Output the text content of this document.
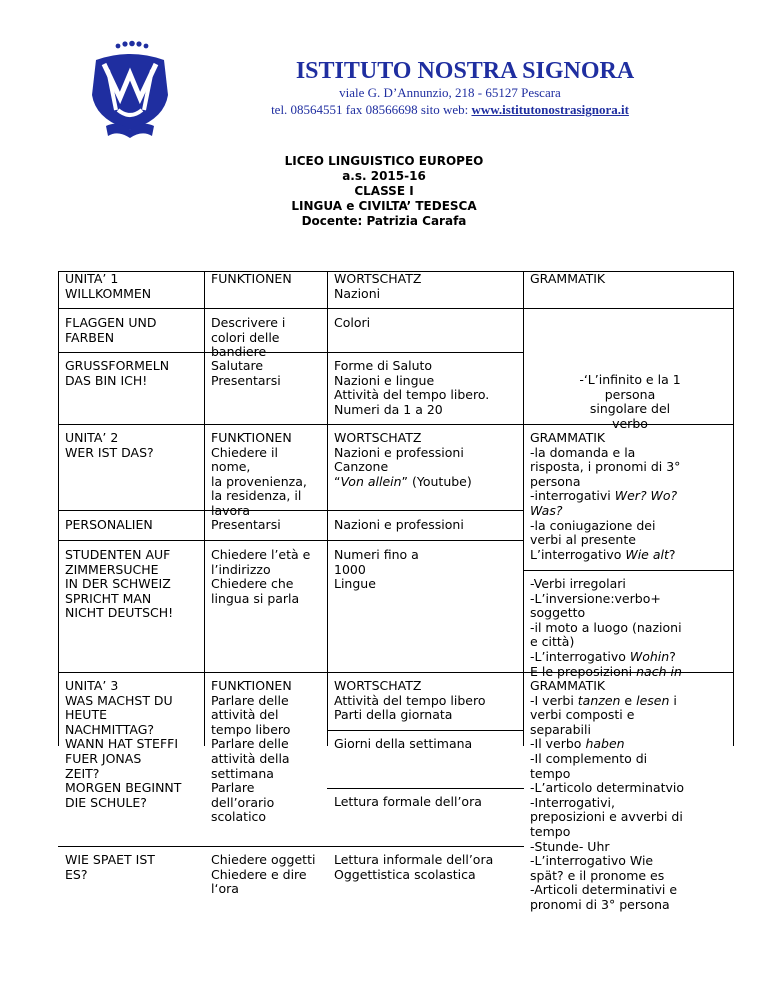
ISTITUTO NOSTRA SIGNORA
viale G. D’Annunzio, 218 - 65127 Pescara
tel. 08564551 fax 08566698 sito web: www.istitutonostrasignora.it
LICEO LINGUISTICO EUROPEO
a.s. 2015-16
CLASSE I
LINGUA e CIVILTA’ TEDESCA
Docente: Patrizia Carafa
UNITA’ 1
WILLKOMMEN
FLAGGEN UND
FARBEN
GRUSSFORMELN
DAS BIN ICH!
UNITA’ 2
WER IST DAS?
PERSONALIEN
STUDENTEN AUF
ZIMMERSUCHE
IN DER SCHWEIZ
SPRICHT MAN
NICHT DEUTSCH!
UNITA’ 3
WAS MACHST DU
HEUTE
NACHMITTAG?
WANN HAT STEFFI
FUER JONAS
ZEIT?
MORGEN BEGINNT
DIE SCHULE?
WIE SPAET IST
ES?
FUNKTIONEN
Descrivere i
colori delle
bandiere
Salutare
Presentarsi
FUNKTIONEN
Chiedere il
nome,
la provenienza,
la residenza, il
lavora
Presentarsi
Chiedere l’età e
l’indirizzo
Chiedere che
lingua si parla
FUNKTIONEN
Parlare delle
attività del
tempo libero
Parlare delle
attività della
settimana
Parlare
dell’orario
scolatico
Chiedere oggetti
Chiedere e dire
l‘ora
WORTSCHATZ
Nazioni
Colori
Forme di Saluto
Nazioni e lingue
Attività del tempo libero.
Numeri da 1 a 20
WORTSCHATZ
Nazioni e professioni
Canzone
“Von allein” (Youtube)
Nazioni e professioni
Numeri fino a
1000
Lingue
WORTSCHATZ
Attività del tempo libero
Parti della giornata
Giorni della settimana
Lettura formale dell’ora
Lettura informale dell’ora
Oggettistica scolastica
GRAMMATIK
-‘L’infinito e la 1
persona
singolare del
verbo
GRAMMATIK
-la domanda e la
risposta, i pronomi di 3°
persona
-interrogativi Wer? Wo?
Was?
-la coniugazione dei
verbi al presente
L’interrogativo Wie alt?
-Verbi irregolari
-L’inversione:verbo+
soggetto
-il moto a luogo (nazioni
e città)
-L’interrogativo Wohin?
E le preposizioni nach in
GRAMMATIK
-I verbi tanzen e lesen i
verbi composti e
separabili
-Il verbo haben
-Il complemento di
tempo
-L’articolo determinatvio
-Interrogativi,
preposizioni e avverbi di
tempo
-Stunde- Uhr
-L’interrogativo Wie
spät? e il pronome es
-Articoli determinativi e
pronomi di 3° persona
